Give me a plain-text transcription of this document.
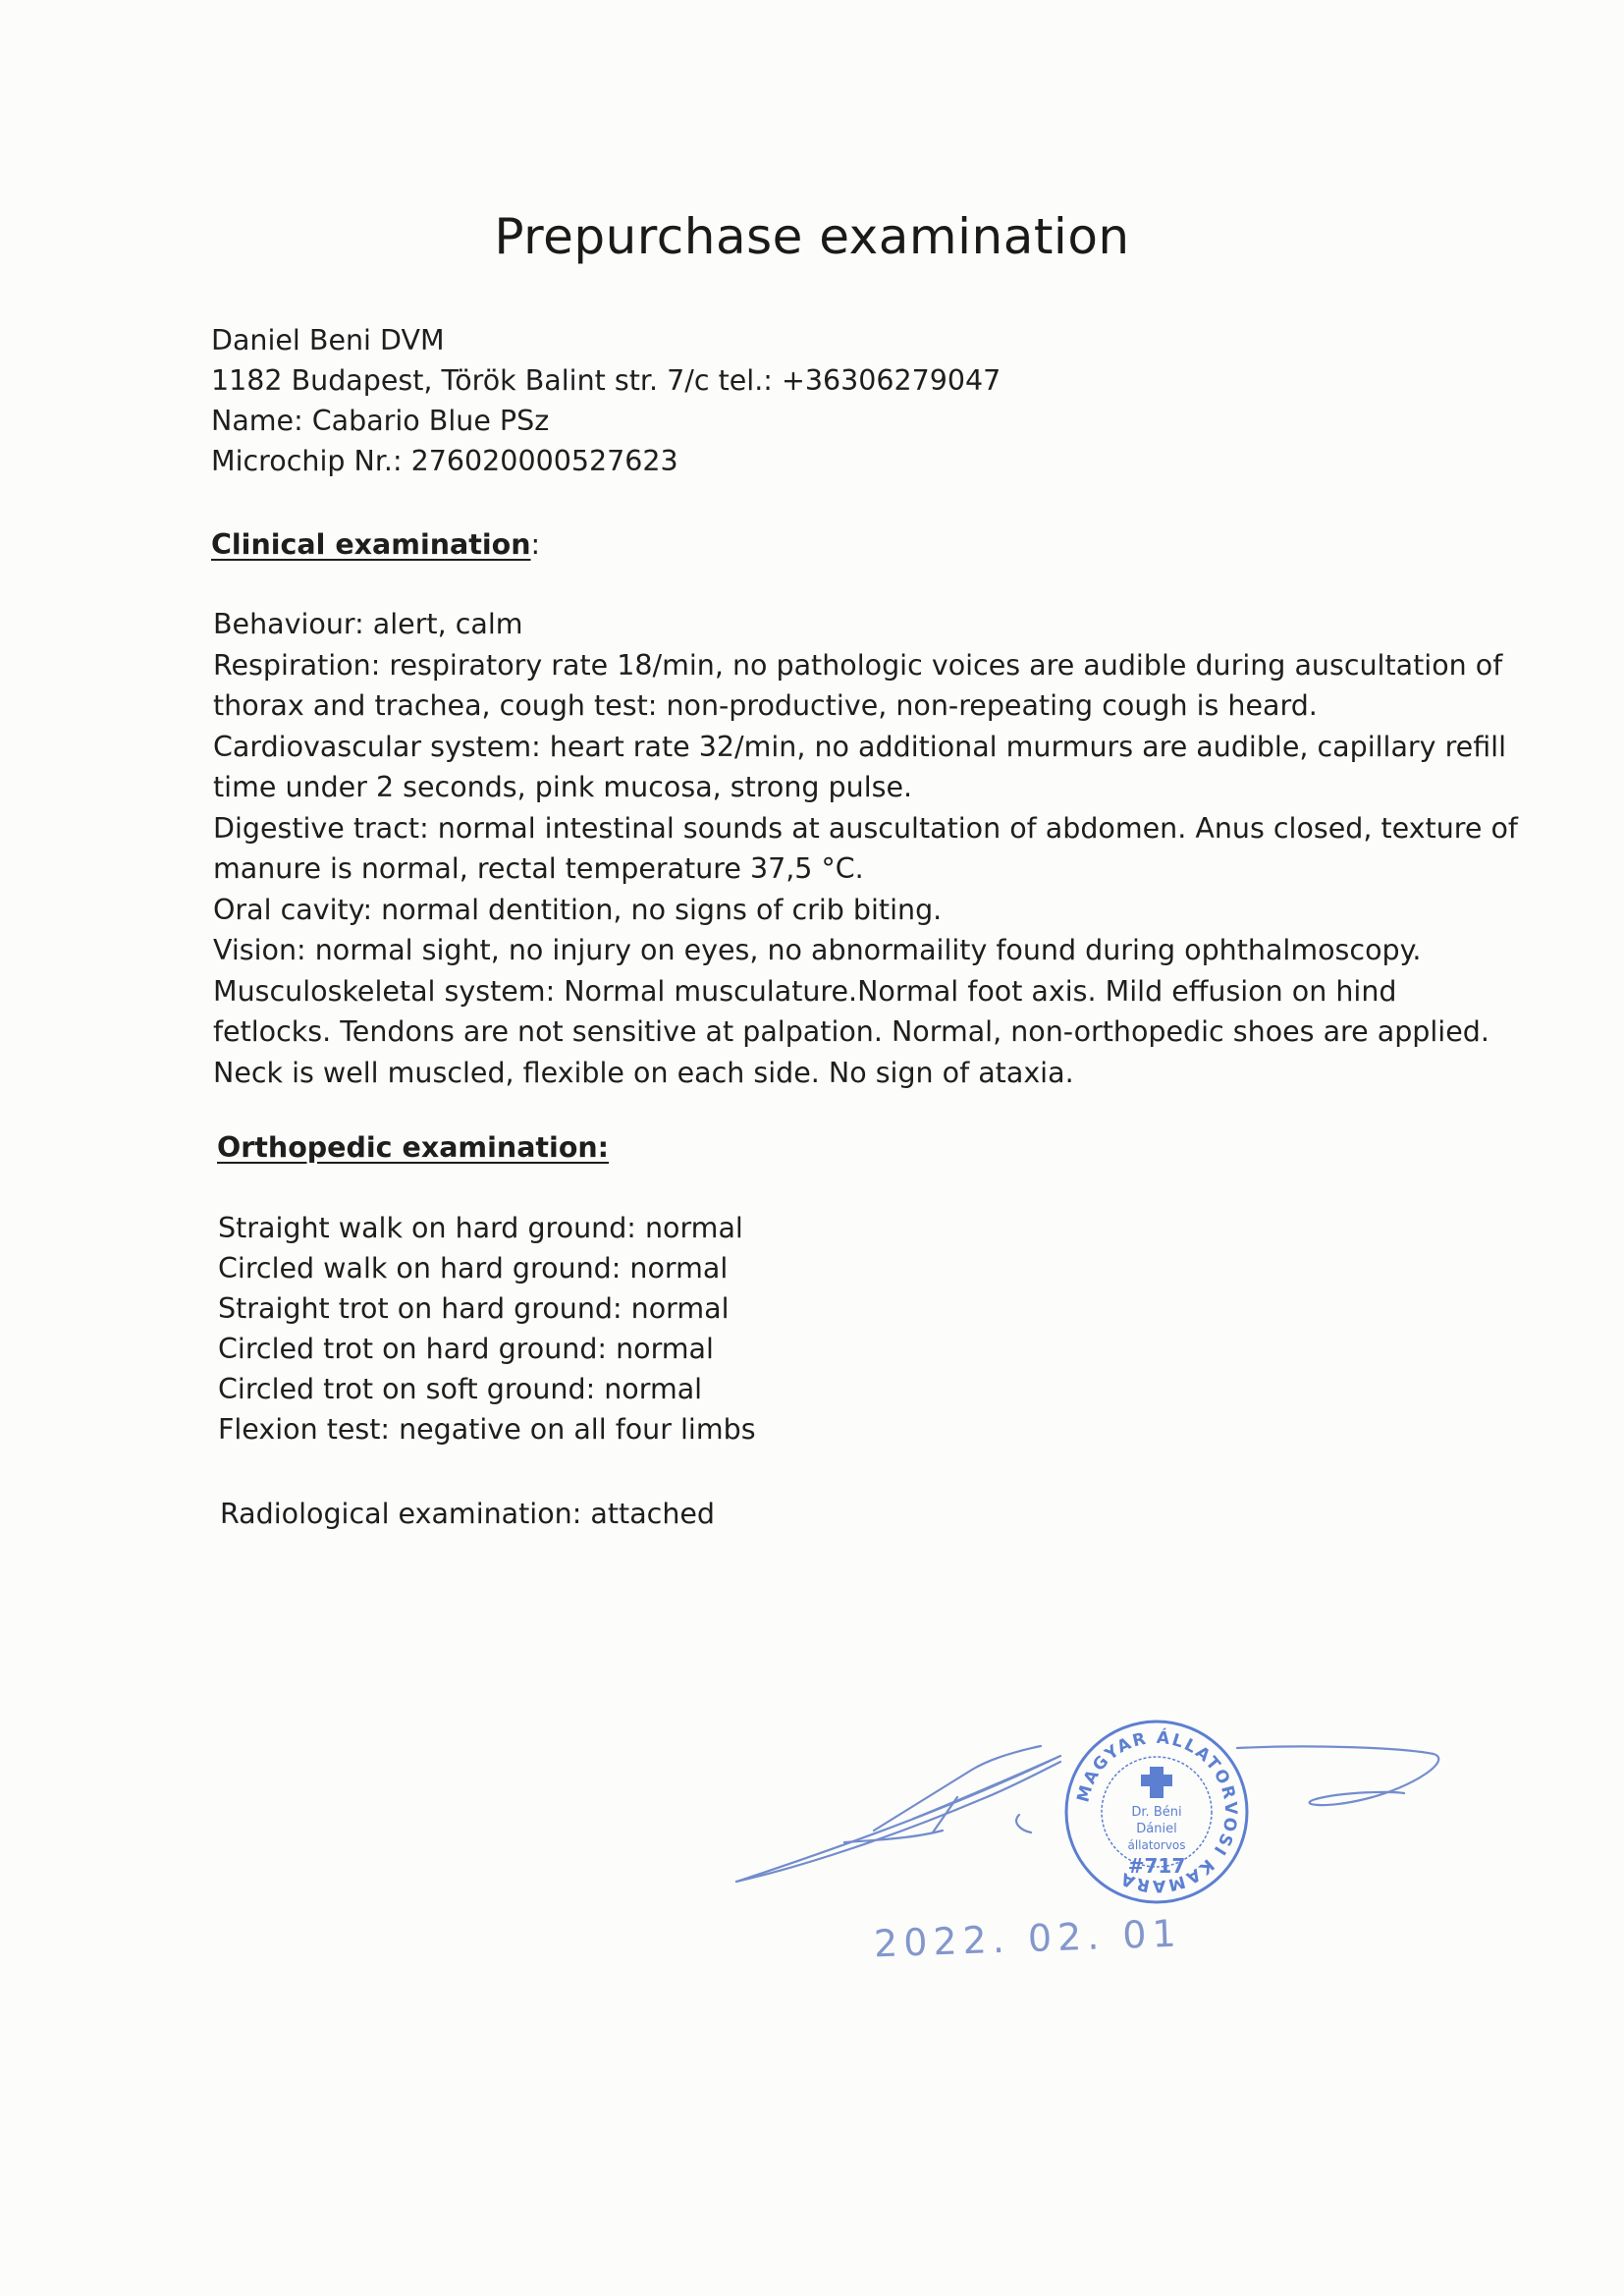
Prepurchase examination
Daniel Beni DVM
1182 Budapest, Török Balint str. 7/c tel.: +36306279047
Name: Cabario Blue PSz
Microchip Nr.: 276020000527623
Clinical examination:

Behaviour: alert, calm

Respiration: respiratory rate 18/min, no pathologic voices are audible during auscultation of

thorax and trachea, cough test: non-productive, non-repeating cough is heard.

Cardiovascular system: heart rate 32/min, no additional murmurs are audible, capillary refill

time under 2 seconds, pink mucosa, strong pulse.

Digestive tract: normal intestinal sounds at auscultation of abdomen. Anus closed, texture of

manure is normal, rectal temperature 37,5 °C.

Oral cavity: normal dentition, no signs of crib biting.

Vision: normal sight, no injury on eyes, no abnormaility found during ophthalmoscopy.

Musculoskeletal system: Normal musculature.Normal foot axis. Mild effusion on hind

fetlocks. Tendons are not sensitive at palpation. Normal, non-orthopedic shoes are applied.

Neck is well muscled, flexible on each side. No sign of ataxia.

Orthopedic examination:
Straight walk on hard ground: normal
Circled walk on hard ground: normal
Straight trot on hard ground: normal
Circled trot on hard ground: normal
Circled trot on soft ground: normal
Flexion test: negative on all four limbs
Radiological examination: attached
MAGYAR ÁLLATORVOSI KAMARA
Dr. Béni
Dániel
állatorvos
#717
2022. 02. 01
